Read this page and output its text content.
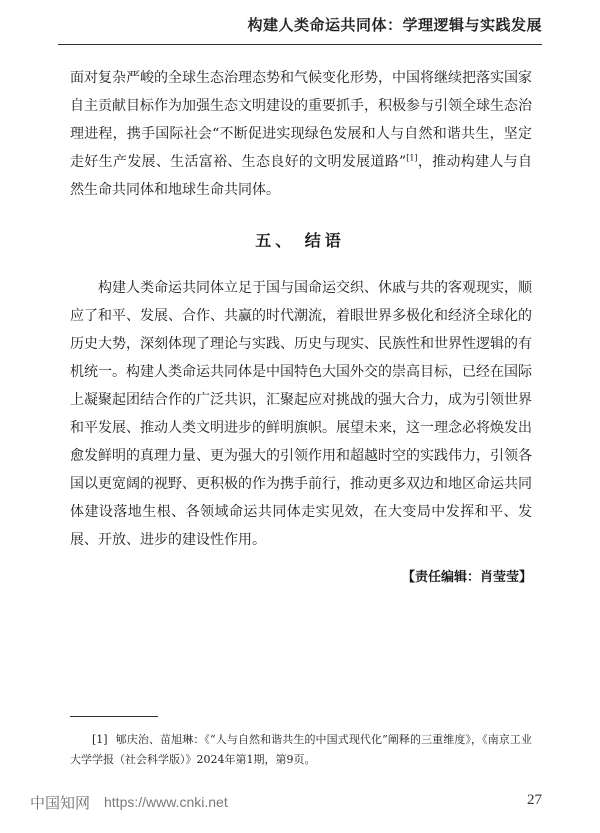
构建人类命运共同体：学理逻辑与实践发展

面对复杂严峻的全球生态治理态势和气候变化形势，中国将继续把落实国家自主贡献目标作为加强生态文明建设的重要抓手，积极参与引领全球生态治理进程，携手国际社会“不断促进实现绿色发展和人与自然和谐共生，坚定走好生产发展、生活富裕、生态良好的文明发展道路”[1]，推动构建人与自然生命共同体和地球生命共同体。

五、 结语

构建人类命运共同体立足于国与国命运交织、休戚与共的客观现实，顺应了和平、发展、合作、共赢的时代潮流，着眼世界多极化和经济全球化的历史大势，深刻体现了理论与实践、历史与现实、民族性和世界性逻辑的有机统一。构建人类命运共同体是中国特色大国外交的崇高目标，已经在国际上凝聚起团结合作的广泛共识，汇聚起应对挑战的强大合力，成为引领世界和平发展、推动人类文明进步的鲜明旗帜。展望未来，这一理念必将焕发出愈发鲜明的真理力量、更为强大的引领作用和超越时空的实践伟力，引领各国以更宽阔的视野、更积极的作为携手前行，推动更多双边和地区命运共同体建设落地生根、各领域命运共同体走实见效，在大变局中发挥和平、发展、开放、进步的建设性作用。

【责任编辑：肖莹莹】
[1] 郇庆治、苗旭琳：《“人与自然和谐共生的中国式现代化”阐释的三重维度》，《南京工业大学学报（社会科学版）》2024年第1期，第9页。
中国知网 https://www.cnki.net	27
